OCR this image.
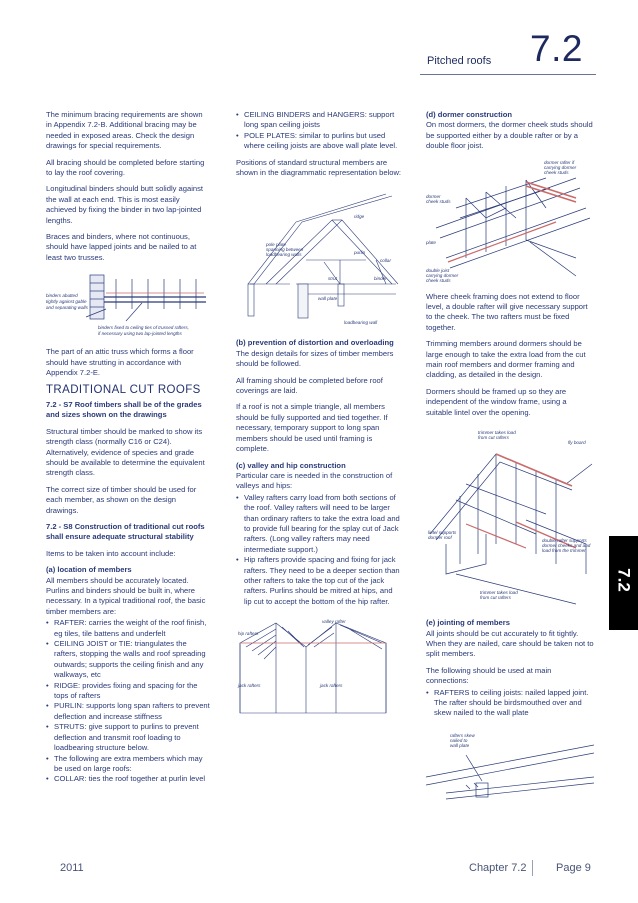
Pitched roofs 7.2

The minimum bracing requirements are shown in Appendix 7.2-B. Additional bracing may be needed in exposed areas. Check the design drawings for special requirements.

All bracing should be completed before starting to lay the roof covering.

Longitudinal binders should butt solidly against the wall at each end. This is most easily achieved by fixing the binder in two lap-jointed lengths.

Braces and binders, where not continuous, should have lapped joints and be nailed to at least two trusses.

binders abutted tightly against gable and separating walls
binders fixed to ceiling ties of trussed rafters, if necessary using two lap-jointed lengths

The part of an attic truss which forms a floor should have strutting in accordance with Appendix 7.2-E.

TRADITIONAL CUT ROOFS

7.2 - S7 Roof timbers shall be of the grades and sizes shown on the drawings

Structural timber should be marked to show its strength class (normally C16 or C24). Alternatively, evidence of species and grade should be available to determine the equivalent strength class.

The correct size of timber should be used for each member, as shown on the design drawings.

7.2 - S8 Construction of traditional cut roofs shall ensure adequate structural stability

Items to be taken into account include:

(a) location of members

All members should be accurately located. Purlins and binders should be built in, where necessary. In a typical traditional roof, the basic timber members are:

• RAFTER: carries the weight of the roof finish, eg tiles, tile battens and underfelt
• CEILING JOIST or TIE: triangulates the rafters, stopping the walls and roof spreading outwards; supports the ceiling finish and any walkways, etc
• RIDGE: provides fixing and spacing for the tops of rafters
• PURLIN: supports long span rafters to prevent deflection and increase stiffness
• STRUTS: give support to purlins to prevent deflection and transmit roof loading to loadbearing structure below.
• The following are extra members which may be used on large roofs:
• COLLAR: ties the roof together at purlin level
• CEILING BINDERS and HANGERS: support long span ceiling joists
• POLE PLATES: similar to purlins but used where ceiling joists are above wall plate level.

Positions of standard structural members are shown in the diagrammatic representation below:

ridge
pole plate spanning between loadbearing walls	purlin
collar
strut	binder
wall plate
loadbearing wall

(b) prevention of distortion and overloading

The design details for sizes of timber members should be followed.

All framing should be completed before roof coverings are laid.

If a roof is not a simple triangle, all members should be fully supported and tied together. If necessary, temporary support to long span members should be used until framing is complete.

(c) valley and hip construction

Particular care is needed in the construction of valleys and hips:

• Valley rafters carry load from both sections of the roof. Valley rafters will need to be larger than ordinary rafters to take the extra load and to provide full bearing for the splay cut of Jack rafters. (Long valley rafters may need intermediate support.)
• Hip rafters provide spacing and fixing for jack rafters. They need to be a deeper section than other rafters to take the top cut of the jack rafters. Purlins should be mitred at hips, and lip cut to accept the bottom of the hip rafter.
valley rafter
hip rafters
jack rafters	jack rafters

(d) dormer construction

On most dormers, the dormer cheek studs should be supported either by a double rafter or by a double floor joist.

dormer rafter if carrying dormer cheek studs
dormer cheek studs
plate
double joist carrying dormer cheek studs

Where cheek framing does not extend to floor level, a double rafter will give necessary support to the cheek. The two rafters must be fixed together.

Trimming members around dormers should be large enough to take the extra load from the cut main roof members and dormer framing and cladding, as detailed in the design.

Dormers should be framed up so they are independent of the window frame, using a suitable lintel over the opening.

trimmer takes load from cut rafters
fly board
lintel supports dormer roof
double rafter supports dormer cheeks and and load from the trimmer
trimmer takes load from cut rafters

(e) jointing of members

All joints should be cut accurately to fit tightly. When they are nailed, care should be taken not to split members.

The following should be used at main connections:

• RAFTERS to ceiling joists: nailed lapped joint. The rafter should be birdsmouthed over and skew nailed to the wall plate
rafters skew nailed to wall plate
7.2
2011	Chapter 7.2	Page 9
